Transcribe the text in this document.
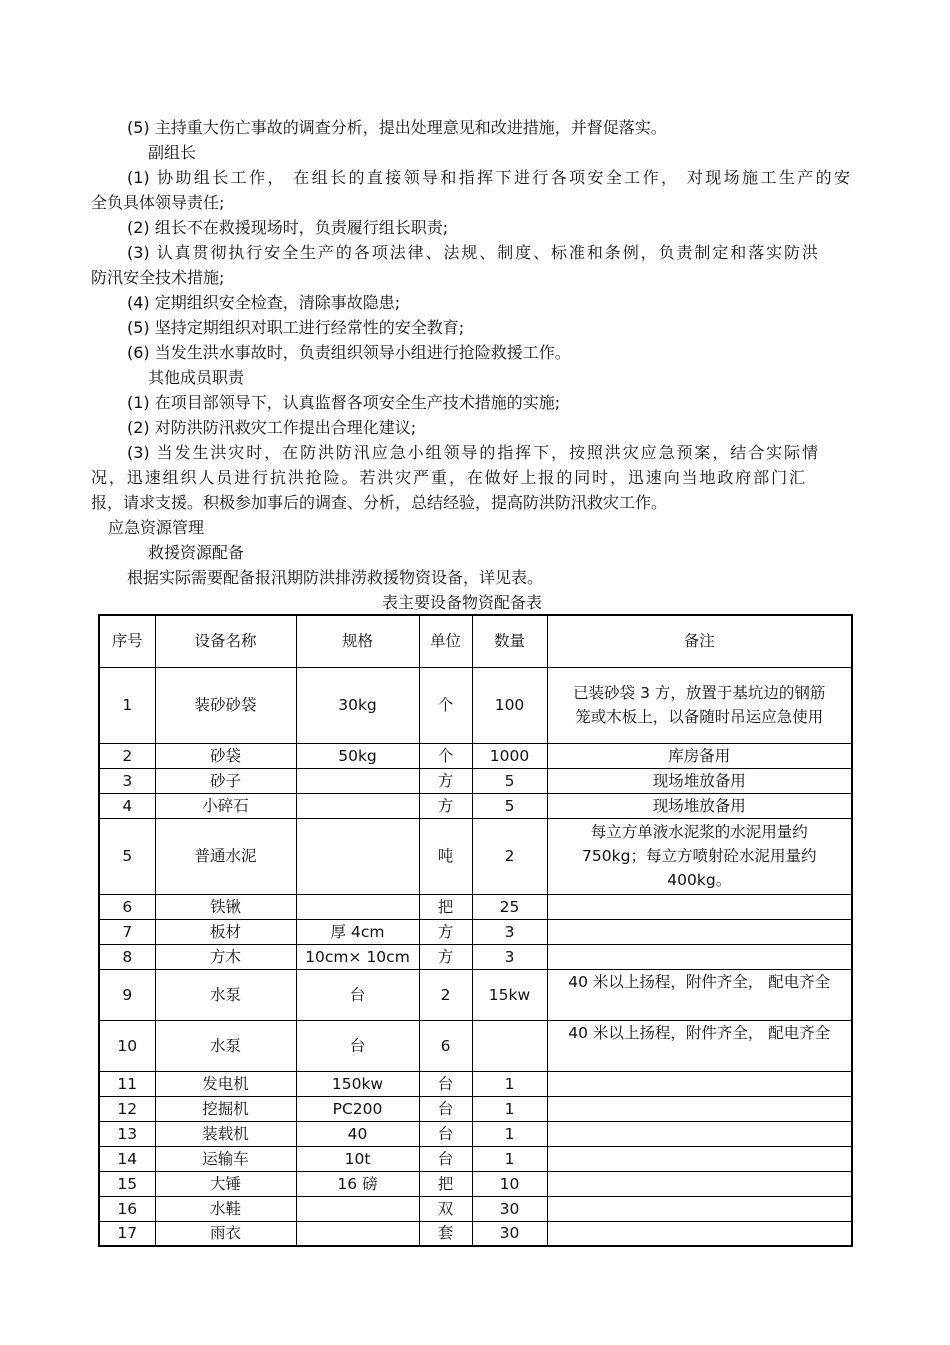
(5) 主持重大伤亡事故的调查分析，提出处理意见和改进措施，并督促落实。
副组长
(1) 协助组长工作， 在组长的直接领导和指挥下进行各项安全工作， 对现场施工生产的安
全负具体领导责任;
(2) 组长不在救援现场时，负责履行组长职责;
(3) 认真贯彻执行安全生产的各项法律、法规、制度、标准和条例，负责制定和落实防洪
防汛安全技术措施;
(4) 定期组织安全检查，清除事故隐患;
(5) 坚持定期组织对职工进行经常性的安全教育;
(6) 当发生洪水事故时，负责组织领导小组进行抢险救援工作。
其他成员职责
(1) 在项目部领导下，认真监督各项安全生产技术措施的实施;
(2) 对防洪防汛救灾工作提出合理化建议;
(3) 当发生洪灾时，在防洪防汛应急小组领导的指挥下，按照洪灾应急预案，结合实际情
况，迅速组织人员进行抗洪抢险。若洪灾严重，在做好上报的同时，迅速向当地政府部门汇
报，请求支援。积极参加事后的调查、分析，总结经验，提高防洪防汛救灾工作。
应急资源管理
救援资源配备
根据实际需要配备报汛期防洪排涝救援物资设备，详见表。
表主要设备物资配备表
序号	设备名称	规格	单位	数量	备注
1	装砂砂袋	30kg	个	100	已装砂袋 3 方，放置于基坑边的钢筋笼或木板上，以备随时吊运应急使用
2	砂袋	50kg	个	1000	库房备用
3	砂子		方	5	现场堆放备用
4	小碎石		方	5	现场堆放备用
5	普通水泥		吨	2	每立方单液水泥浆的水泥用量约750kg；每立方喷射砼水泥用量约400kg。
6	铁锹		把	25	
7	板材	厚 4cm	方	3	
8	方木	10cm× 10cm	方	3	
9	水泵	台	2	15kw	40 米以上扬程，附件齐全， 配电齐全
10	水泵	台	6		40 米以上扬程，附件齐全， 配电齐全
11	发电机	150kw	台	1	
12	挖掘机	PC200	台	1	
13	装载机	40	台	1	
14	运输车	10t	台	1	
15	大锤	16 磅	把	10	
16	水鞋		双	30	
17	雨衣		套	30	
